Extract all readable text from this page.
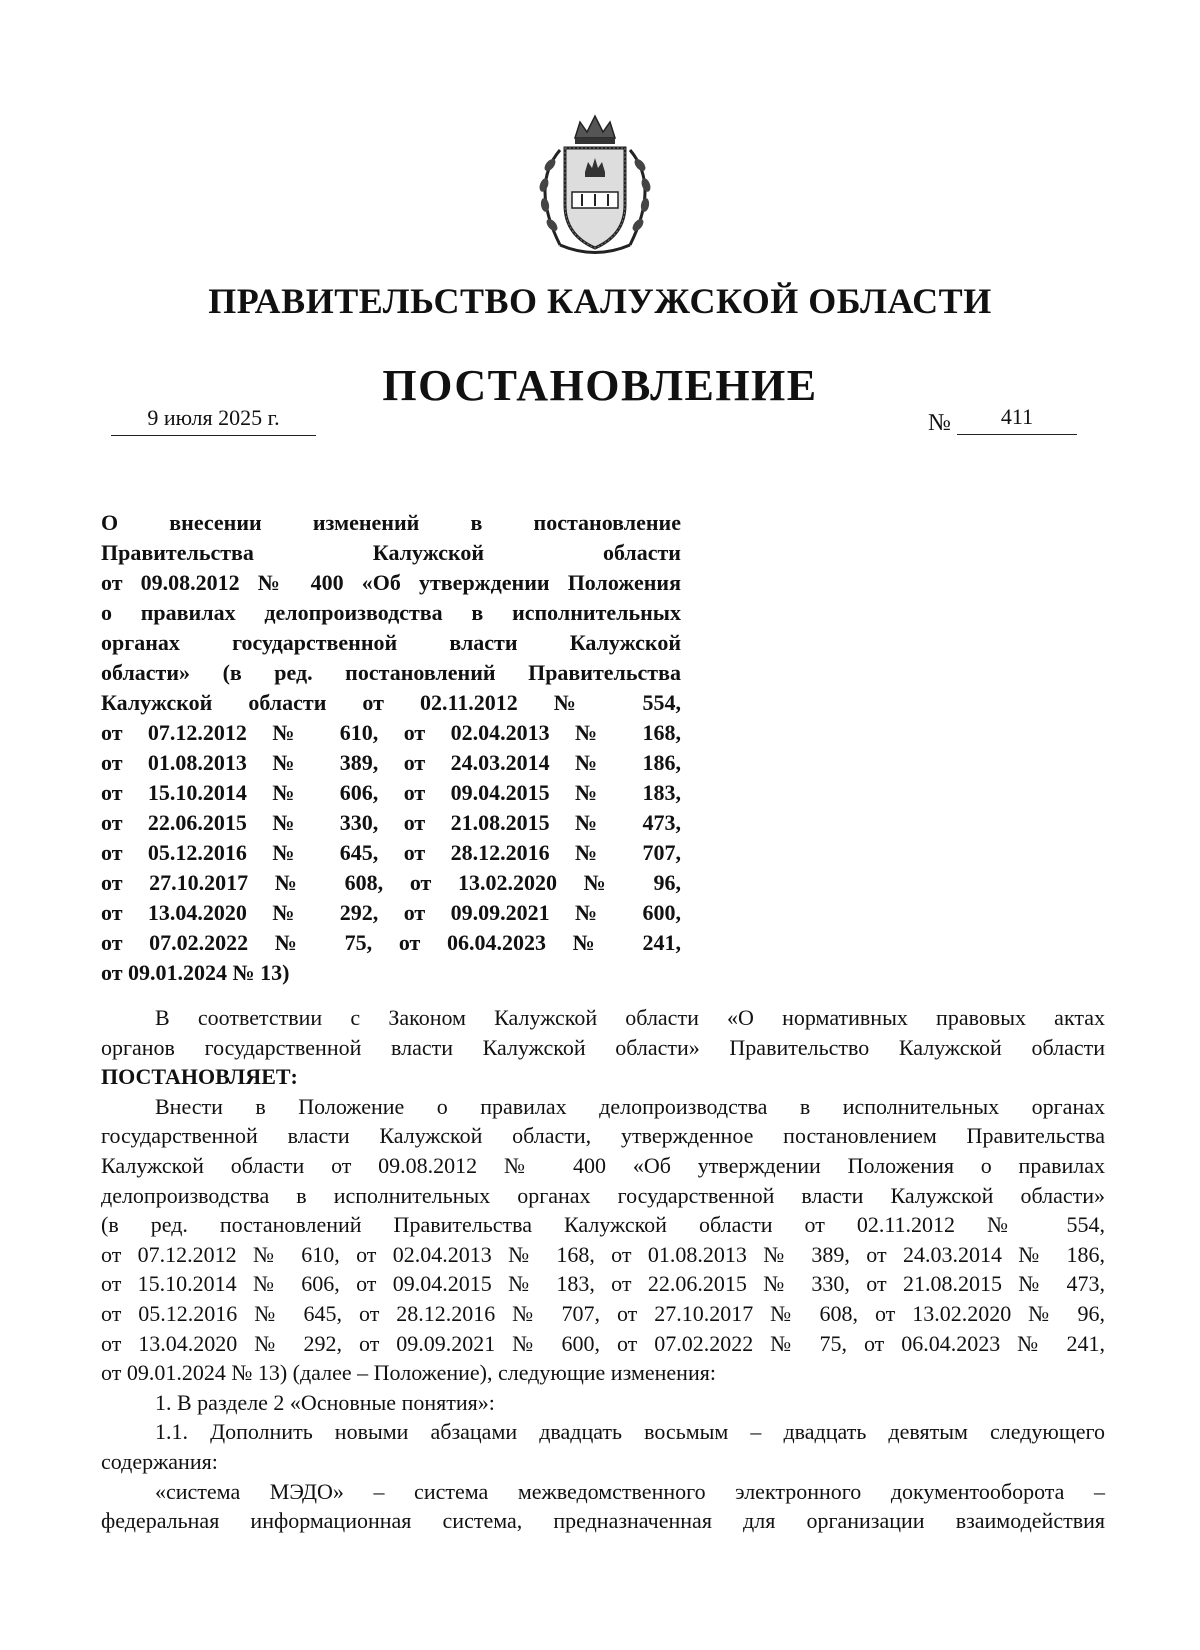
ПРАВИТЕЛЬСТВО КАЛУЖСКОЙ ОБЛАСТИ
ПОСТАНОВЛЕНИЕ
9 июля 2025 г.	№	411
О внесении изменений в постановление
Правительства Калужской области
от 09.08.2012 № 400 «Об утверждении Положения
о правилах делопроизводства в исполнительных
органах государственной власти Калужской
области» (в ред. постановлений Правительства
Калужской области от 02.11.2012 № 554,
от 07.12.2012 № 610, от 02.04.2013 № 168,
от 01.08.2013 № 389, от 24.03.2014 № 186,
от 15.10.2014 № 606, от 09.04.2015 № 183,
от 22.06.2015 № 330, от 21.08.2015 № 473,
от 05.12.2016 № 645, от 28.12.2016 № 707,
от 27.10.2017 № 608, от 13.02.2020 № 96,
от 13.04.2020 № 292, от 09.09.2021 № 600,
от 07.02.2022 № 75, от 06.04.2023 № 241,
от 09.01.2024 № 13)
В соответствии с Законом Калужской области «О нормативных правовых актах
органов государственной власти Калужской области» Правительство Калужской области
ПОСТАНОВЛЯЕТ:
Внести в Положение о правилах делопроизводства в исполнительных органах
государственной власти Калужской области, утвержденное постановлением Правительства
Калужской области от 09.08.2012 № 400 «Об утверждении Положения о правилах
делопроизводства в исполнительных органах государственной власти Калужской области»
(в ред. постановлений Правительства Калужской области от 02.11.2012 № 554,
от 07.12.2012 № 610, от 02.04.2013 № 168, от 01.08.2013 № 389, от 24.03.2014 № 186,
от 15.10.2014 № 606, от 09.04.2015 № 183, от 22.06.2015 № 330, от 21.08.2015 № 473,
от 05.12.2016 № 645, от 28.12.2016 № 707, от 27.10.2017 № 608, от 13.02.2020 № 96,
от 13.04.2020 № 292, от 09.09.2021 № 600, от 07.02.2022 № 75, от 06.04.2023 № 241,
от 09.01.2024 № 13) (далее – Положение), следующие изменения:
1. В разделе 2 «Основные понятия»:
1.1. Дополнить новыми абзацами двадцать восьмым – двадцать девятым следующего
содержания:
«система МЭДО» – система межведомственного электронного документооборота –
федеральная информационная система, предназначенная для организации взаимодействия
